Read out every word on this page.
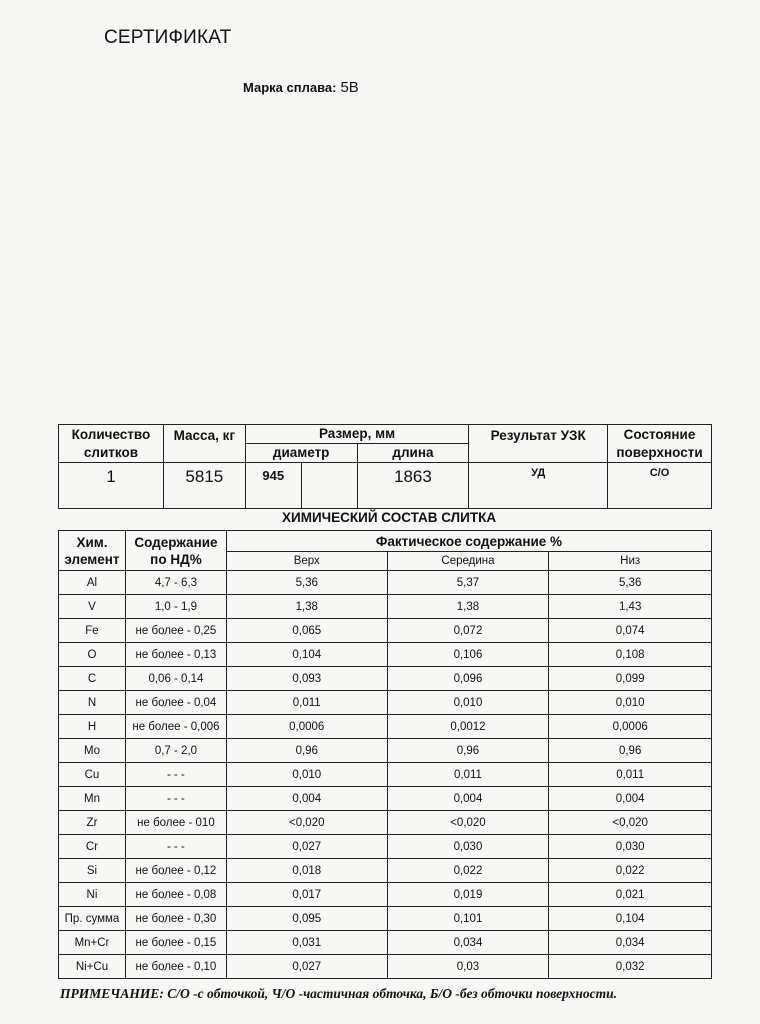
СЕРТИФИКАТ
Марка сплава: 5В
Количество слитков	Масса, кг	Размер, мм			Результат УЗК	Состояние поверхности
		диаметр		длина		
1	5815	945		1863	УД	С/О
ХИМИЧЕСКИЙ СОСТАВ СЛИТКА
Хим. элемент	Содержание по НД%	Фактическое содержание %		
		Верх	Середина	Низ
Al	4,7 - 6,3	5,36	5,37	5,36
V	1,0 - 1,9	1,38	1,38	1,43
Fe	не более - 0,25	0,065	0,072	0,074
O	не более - 0,13	0,104	0,106	0,108
C	0,06 - 0,14	0,093	0,096	0,099
N	не более - 0,04	0,011	0,010	0,010
H	не более - 0,006	0,0006	0,0012	0,0006
Mo	0,7 - 2,0	0,96	0,96	0,96
Cu	- - -	0,010	0,011	0,011
Mn	- - -	0,004	0,004	0,004
Zr	не более - 010	<0,020	<0,020	<0,020
Cr	- - -	0,027	0,030	0,030
Si	не более - 0,12	0,018	0,022	0,022
Ni	не более - 0,08	0,017	0,019	0,021
Пр. сумма	не более - 0,30	0,095	0,101	0,104
Mn+Cr	не более - 0,15	0,031	0,034	0,034
Ni+Cu	не более - 0,10	0,027	0,03	0,032
ПРИМЕЧАНИЕ: С/О -с обточкой, Ч/О -частичная обточка, Б/О -без обточки поверхности.
